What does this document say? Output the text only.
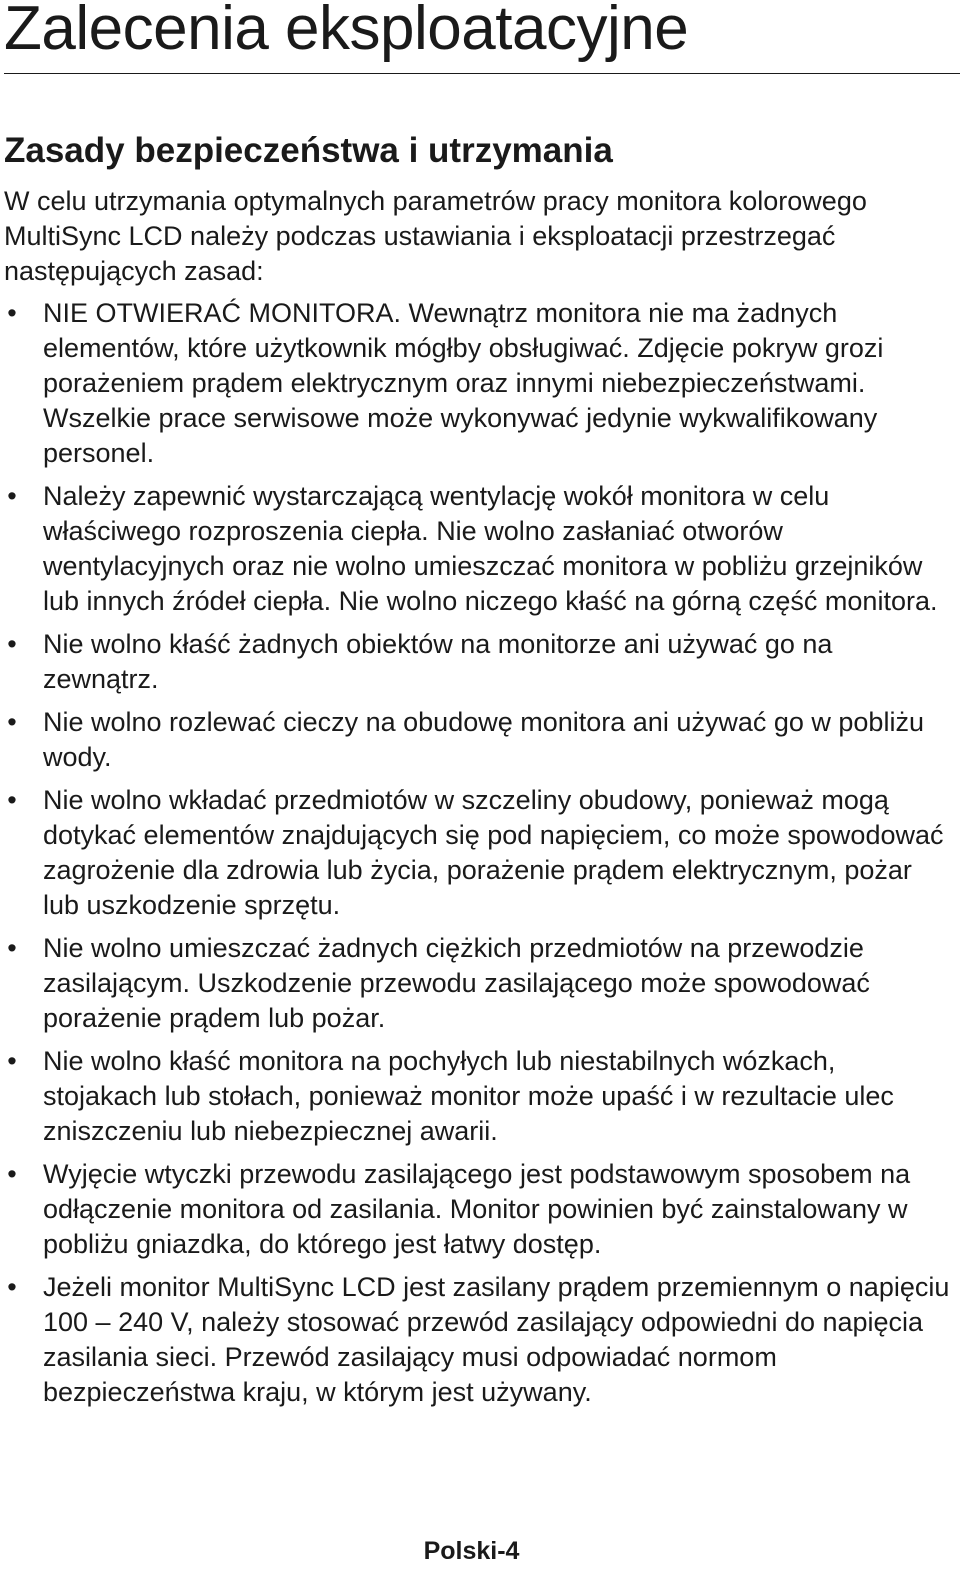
Zalecenia eksploatacyjne
Zasady bezpieczeństwa i utrzymania

W celu utrzymania optymalnych parametrów pracy monitora kolorowego MultiSync LCD należy podczas ustawiania i eksploatacji przestrzegać następujących zasad:

• NIE OTWIERAĆ MONITORA. Wewnątrz monitora nie ma żadnych elementów, które użytkownik mógłby obsługiwać. Zdjęcie pokryw grozi porażeniem prądem elektrycznym oraz innymi niebezpieczeństwami. Wszelkie prace serwisowe może wykonywać jedynie wykwalifikowany personel.
• Należy zapewnić wystarczającą wentylację wokół monitora w celu właściwego rozproszenia ciepła. Nie wolno zasłaniać otworów wentylacyjnych oraz nie wolno umieszczać monitora w pobliżu grzejników lub innych źródeł ciepła. Nie wolno niczego kłaść na górną część monitora.
• Nie wolno kłaść żadnych obiektów na monitorze ani używać go na zewnątrz.
• Nie wolno rozlewać cieczy na obudowę monitora ani używać go w pobliżu wody.
• Nie wolno wkładać przedmiotów w szczeliny obudowy, ponieważ mogą dotykać elementów znajdujących się pod napięciem, co może spowodować zagrożenie dla zdrowia lub życia, porażenie prądem elektrycznym, pożar lub uszkodzenie sprzętu.
• Nie wolno umieszczać żadnych ciężkich przedmiotów na przewodzie zasilającym. Uszkodzenie przewodu zasilającego może spowodować porażenie prądem lub pożar.
• Nie wolno kłaść monitora na pochyłych lub niestabilnych wózkach, stojakach lub stołach, ponieważ monitor może upaść i w rezultacie ulec zniszczeniu lub niebezpiecznej awarii.
• Wyjęcie wtyczki przewodu zasilającego jest podstawowym sposobem na odłączenie monitora od zasilania. Monitor powinien być zainstalowany w pobliżu gniazdka, do którego jest łatwy dostęp.
• Jeżeli monitor MultiSync LCD jest zasilany prądem przemiennym o napięciu 100 – 240 V, należy stosować przewód zasilający odpowiedni do napięcia zasilania sieci. Przewód zasilający musi odpowiadać normom bezpieczeństwa kraju, w którym jest używany.
Polski-4
